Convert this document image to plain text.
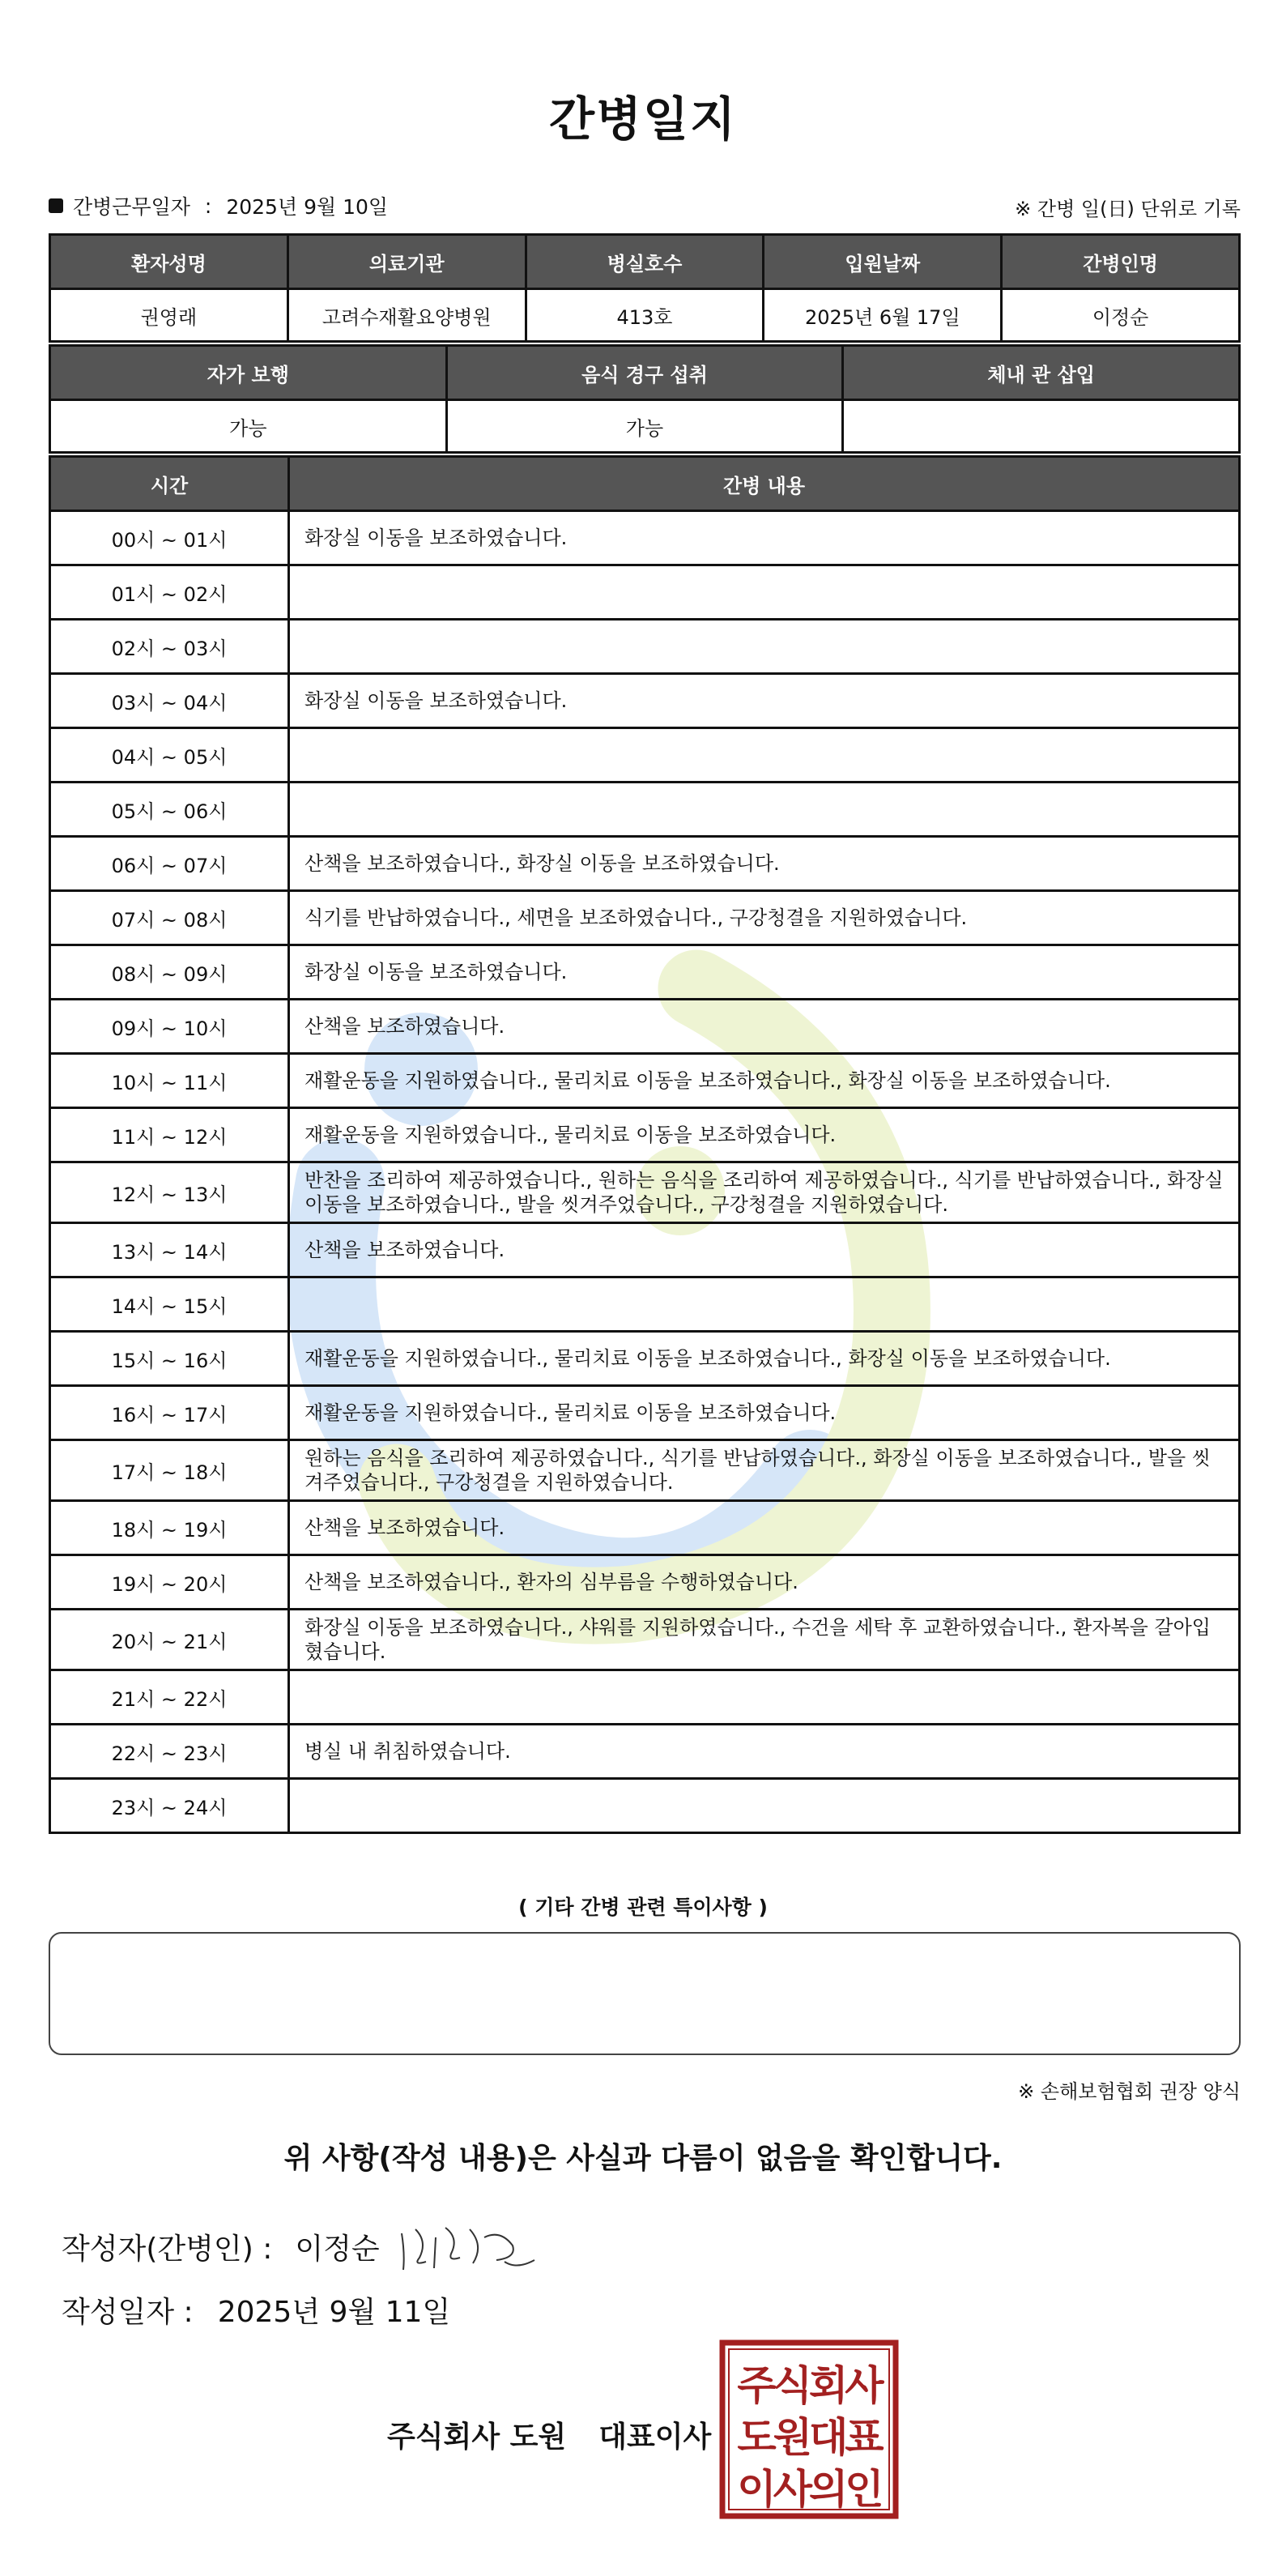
간병일지
간병근무일자 : 2025년 9월 10일	※ 간병 일(日) 단위로 기록
환자성명	의료기관	병실호수	입원날짜	간병인명
권영래	고려수재활요양병원	413호	2025년 6월 17일	이정순
자가 보행	음식 경구 섭취	체내 관 삽입
가능	가능	
시간	간병 내용
00시 ~ 01시	화장실 이동을 보조하였습니다.
01시 ~ 02시	
02시 ~ 03시	
03시 ~ 04시	화장실 이동을 보조하였습니다.
04시 ~ 05시	
05시 ~ 06시	
06시 ~ 07시	산책을 보조하였습니다., 화장실 이동을 보조하였습니다.
07시 ~ 08시	식기를 반납하였습니다., 세면을 보조하였습니다., 구강청결을 지원하였습니다.
08시 ~ 09시	화장실 이동을 보조하였습니다.
09시 ~ 10시	산책을 보조하였습니다.
10시 ~ 11시	재활운동을 지원하였습니다., 물리치료 이동을 보조하였습니다., 화장실 이동을 보조하였습니다.
11시 ~ 12시	재활운동을 지원하였습니다., 물리치료 이동을 보조하였습니다.
12시 ~ 13시	반찬을 조리하여 제공하였습니다., 원하는 음식을 조리하여 제공하였습니다., 식기를 반납하였습니다., 화장실 이동을 보조하였습니다., 발을 씻겨주었습니다., 구강청결을 지원하였습니다.
13시 ~ 14시	산책을 보조하였습니다.
14시 ~ 15시	
15시 ~ 16시	재활운동을 지원하였습니다., 물리치료 이동을 보조하였습니다., 화장실 이동을 보조하였습니다.
16시 ~ 17시	재활운동을 지원하였습니다., 물리치료 이동을 보조하였습니다.
17시 ~ 18시	원하는 음식을 조리하여 제공하였습니다., 식기를 반납하였습니다., 화장실 이동을 보조하였습니다., 발을 씻겨주었습니다., 구강청결을 지원하였습니다.
18시 ~ 19시	산책을 보조하였습니다.
19시 ~ 20시	산책을 보조하였습니다., 환자의 심부름을 수행하였습니다.
20시 ~ 21시	화장실 이동을 보조하였습니다., 샤워를 지원하였습니다., 수건을 세탁 후 교환하였습니다., 환자복을 갈아입혔습니다.
21시 ~ 22시	
22시 ~ 23시	병실 내 취침하였습니다.
23시 ~ 24시	
( 기타 간병 관련 특이사항 )
※ 손해보험협회 권장 양식
위 사항(작성 내용)은 사실과 다름이 없음을 확인합니다.
작성자(간병인) : 이정순
작성일자 : 2025년 9월 11일
주식회사 도원 대표이사
주식회사
도원대표
이사의인
